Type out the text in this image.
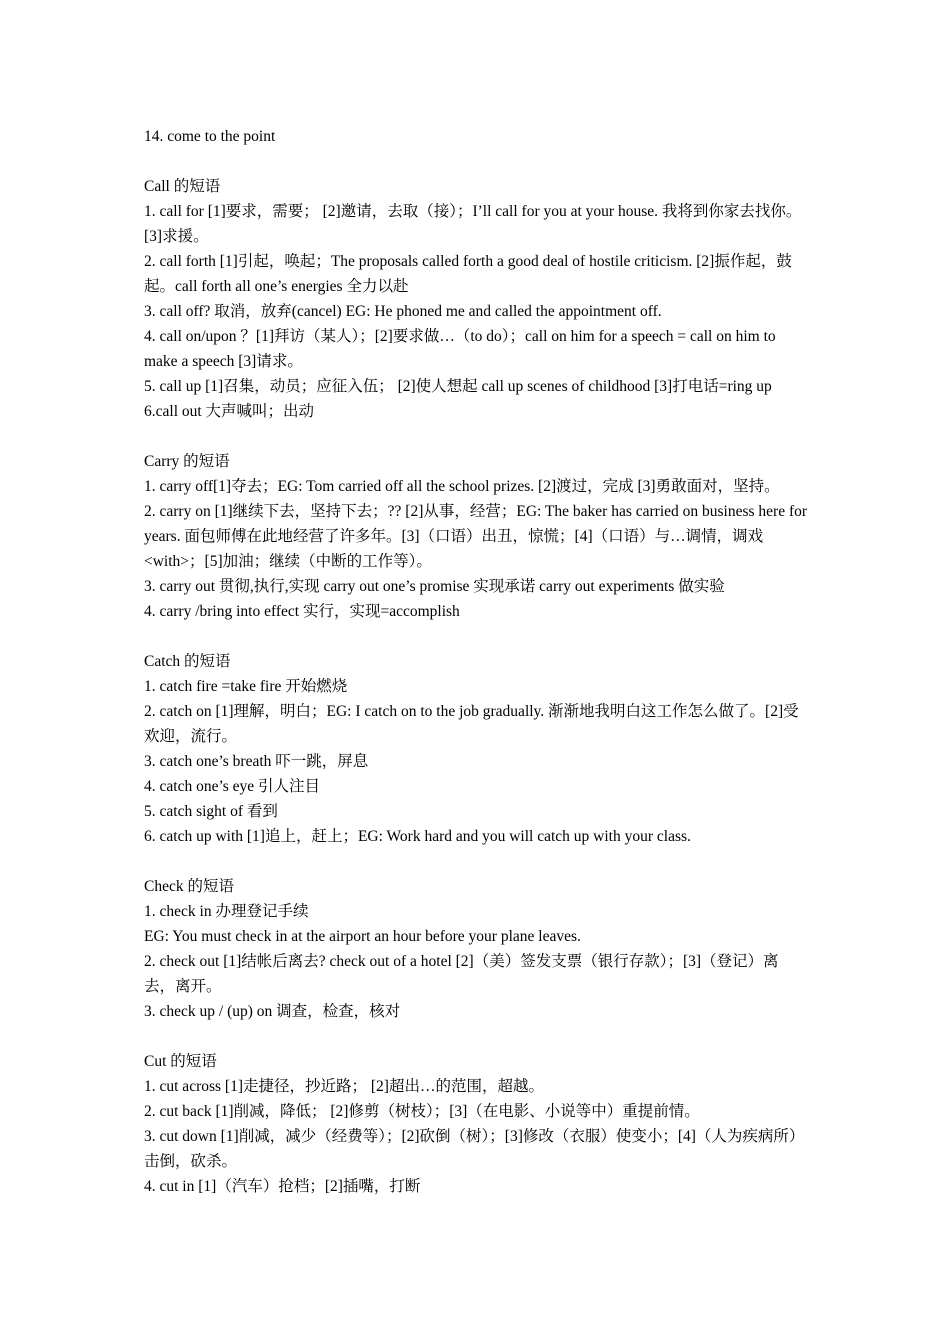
14. come to the point
Call 的短语
1. call for [1]要求，需要； [2]邀请，去取（接）；I’ll call for you at your house. 我将到你家去找你。 [3]求援。
2. call forth [1]引起，唤起；The proposals called forth a good deal of hostile criticism. [2]振作起，鼓起。call forth all one’s energies 全力以赴
3. call off? 取消，放弃(cancel) EG: He phoned me and called the appointment off.
4. call on/upon ？[1]拜访（某人）；[2]要求做…（to do）；call on him for a speech = call on him to make a speech [3]请求。
5. call up [1]召集，动员；应征入伍； [2]使人想起 call up scenes of childhood [3]打电话=ring up
6.call out 大声喊叫；出动
Carry 的短语
1. carry off[1]夺去；EG: Tom carried off all the school prizes. [2]渡过，完成 [3]勇敢面对，坚持。
2. carry on [1]继续下去，坚持下去；?? [2]从事，经营；EG: The baker has carried on business here for years. 面包师傅在此地经营了许多年。[3]（口语）出丑，惊慌；[4]（口语）与…调情，调戏<with>；[5]加油；继续（中断的工作等）。
3. carry out 贯彻,执行,实现 carry out one’s promise 实现承诺 carry out experiments 做实验
4. carry /bring into effect 实行，实现=accomplish
Catch 的短语
1. catch fire =take fire 开始燃烧
2. catch on [1]理解，明白；EG: I catch on to the job gradually. 渐渐地我明白这工作怎么做了。[2]受欢迎，流行。
3. catch one’s breath 吓一跳，屏息
4. catch one’s eye 引人注目
5. catch sight of 看到
6. catch up with [1]追上，赶上；EG: Work hard and you will catch up with your class.
Check 的短语
1. check in 办理登记手续
EG: You must check in at the airport an hour before your plane leaves.
2. check out [1]结帐后离去? check out of a hotel [2]（美）签发支票（银行存款）；[3]（登记）离去，离开。
3. check up / (up) on 调查，检查，核对
Cut 的短语
1. cut across [1]走捷径，抄近路； [2]超出…的范围，超越。
2. cut back [1]削减，降低； [2]修剪（树枝）；[3]（在电影、小说等中）重提前情。
3. cut down [1]削减，减少（经费等）；[2]砍倒（树）；[3]修改（衣服）使变小；[4]（人为疾病所）击倒，砍杀。
4. cut in [1]（汽车）抢档；[2]插嘴，打断
